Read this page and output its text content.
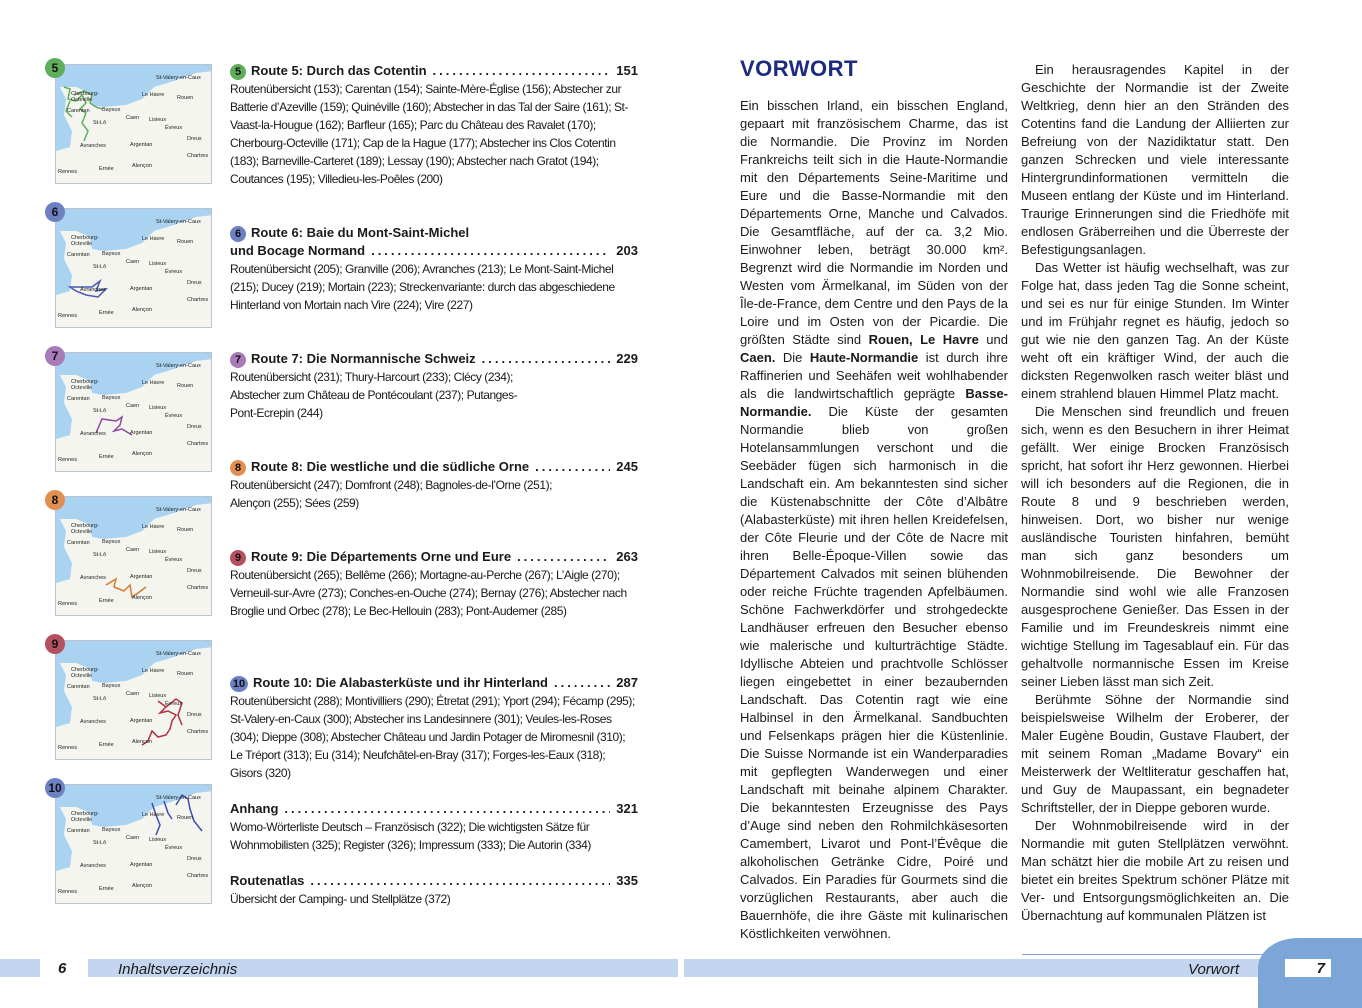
St-Valery-en-Caux
Cherbourg-
Octeville
Le Havre Rouen
Carentan Bayeux
St-Lô
Caen Lisieux
Évreux
Dreux
Avranches	Argentan
Chartres
Rennes	Ernée	Alençon
5
St-Valery-en-Caux
Cherbourg-
Octeville
Le Havre Rouen
Carentan Bayeux
St-Lô
Caen Lisieux
Évreux
Dreux
Avranches	Argentan
Chartres
Rennes	Ernée	Alençon
6
St-Valery-en-Caux
Cherbourg-
Octeville
Le Havre Rouen
Carentan Bayeux
St-Lô
Caen Lisieux
Évreux
Dreux
Avranches	Argentan
Chartres
Rennes	Ernée	Alençon
7
St-Valery-en-Caux
Cherbourg-
Octeville
Le Havre Rouen
Carentan Bayeux
St-Lô
Caen Lisieux
Évreux
Dreux
Avranches	Argentan
Chartres
Rennes	Ernée	Alençon
8
St-Valery-en-Caux
Cherbourg-
Octeville
Le Havre Rouen
Carentan Bayeux
St-Lô
Caen Lisieux
Évreux
Dreux
Avranches	Argentan
Chartres
Rennes	Ernée	Alençon
9
St-Valery-en-Caux
Cherbourg-
Octeville
Le Havre Rouen
Carentan Bayeux
St-Lô
Caen Lisieux
Évreux
Dreux
Avranches	Argentan
Chartres
Rennes	Ernée	Alençon
10
5 Route 5: Durch das Cotentin .....	151
Routenübersicht (153); Carentan (154); Sainte-Mère-Église (156); Abstecher zur Batterie d’Azeville (159); Quinéville (160); Abstecher in das Tal der Saire (161); St-Vaast-la-Hougue (162); Barfleur (165); Parc du Château des Ravalet (170); Cherbourg-Octeville (171); Cap de la Hague (177); Abstecher ins Clos Cotentin (183); Barneville-Carteret (189); Lessay (190); Abstecher nach Gratot (194); Coutances (195); Villedieu-les-Poêles (200)
6 Route 6: Baie du Mont-Saint-Michel
und Bocage Normand .....	203
Routenübersicht (205); Granville (206); Avranches (213); Le Mont-Saint-Michel (215); Ducey (219); Mortain (223); Streckenvariante: durch das abgeschiedene Hinterland von Mortain nach Vire (224); Vire (227)
7 Route 7: Die Normannische Schweiz .....	229
Routenübersicht (231); Thury-Harcourt (233); Clécy (234); Abstecher zum Château de Pontécoulant (237); Putanges-Pont-Ecrepin (244)
8 Route 8: Die westliche und die südliche Orne .....	245
Routenübersicht (247); Domfront (248); Bagnoles-de-l’Orne (251); Alençon (255); Sées (259)
9 Route 9: Die Départements Orne und Eure .....	263
Routenübersicht (265); Bellême (266); Mortagne-au-Perche (267); L’Aigle (270); Verneuil-sur-Avre (273); Conches-en-Ouche (274); Bernay (276); Abstecher nach Broglie und Orbec (278); Le Bec-Hellouin (283); Pont-Audemer (285)
10 Route 10: Die Alabasterküste und ihr Hinterland .....	287
Routenübersicht (288); Montivilliers (290); Étretat (291); Yport (294); Fécamp (295); St-Valery-en-Caux (300); Abstecher ins Landesinnere (301); Veules-les-Roses (304); Dieppe (308); Abstecher Château und Jardin Potager de Miromesnil (310); Le Tréport (313); Eu (314); Neufchâtel-en-Bray (317); Forges-les-Eaux (318); Gisors (320)
Anhang .....	321
Womo-Wörterliste Deutsch – Französisch (322); Die wichtigsten Sätze für Wohnmobilisten (325); Register (326); Impressum (333); Die Autorin (334)
Routenatlas .....	335
Übersicht der Camping- und Stellplätze (372)
VORWORT

Ein bisschen Irland, ein bisschen England, gepaart mit französischem Charme, das ist die Normandie. Die Provinz im Norden Frankreichs teilt sich in die Haute-Normandie mit den Départements Seine-Maritime und Eure und die Basse-Normandie mit den Départements Orne, Manche und Calvados. Die Gesamtfläche, auf der ca. 3,2 Mio. Einwohner leben, beträgt 30.000 km². Begrenzt wird die Normandie im Norden und Westen vom Ärmelkanal, im Süden von der Île-de-France, dem Centre und den Pays de la Loire und im Osten von der Picardie. Die größten Städte sind Rouen, Le Havre und Caen. Die Haute-Normandie ist durch ihre Raffinerien und Seehäfen weit wohlhabender als die landwirtschaftlich geprägte Basse-Normandie. Die Küste der gesamten Normandie blieb von großen Hotelansammlungen verschont und die Seebäder fügen sich harmonisch in die Landschaft ein. Am bekanntesten sind sicher die Küstenabschnitte der Côte d’Albâtre (Alabasterküste) mit ihren hellen Kreidefelsen, der Côte Fleurie und der Côte de Nacre mit ihren Belle-Époque-Villen sowie das Département Calvados mit seinen blühenden oder reiche Früchte tragenden Apfelbäumen. Schöne Fachwerkdörfer und strohgedeckte Landhäuser erfreuen den Besucher ebenso wie malerische und kulturträchtige Städte. Idyllische Abteien und prachtvolle Schlösser liegen eingebettet in einer bezaubernden Landschaft. Das Cotentin ragt wie eine Halbinsel in den Ärmelkanal. Sandbuchten und Felsenkaps prägen hier die Küstenlinie. Die Suisse Normande ist ein Wanderparadies mit gepflegten Wanderwegen und einer Landschaft mit beinahe alpinem Charakter. Die bekanntesten Erzeugnisse des Pays d’Auge sind neben den Rohmilchkäsesorten Camembert, Livarot und Pont-l’Évêque die alkoholischen Getränke Cidre, Poiré und Calvados. Ein Paradies für Gourmets sind die vorzüglichen Restaurants, aber auch die Bauernhöfe, die ihre Gäste mit kulinarischen Köstlichkeiten verwöhnen.

Ein herausragendes Kapitel in der Geschichte der Normandie ist der Zweite Weltkrieg, denn hier an den Stränden des Cotentins fand die Landung der Alliierten zur Befreiung von der Nazidiktatur statt. Den ganzen Schrecken und viele interessante Hintergrundinformationen vermitteln die Museen entlang der Küste und im Hinterland. Traurige Erinnerungen sind die Friedhöfe mit endlosen Gräberreihen und die Überreste der Befestigungsanlagen.

Das Wetter ist häufig wechselhaft, was zur Folge hat, dass jeden Tag die Sonne scheint, und sei es nur für einige Stunden. Im Winter und im Frühjahr regnet es häufig, jedoch so gut wie nie den ganzen Tag. An der Küste weht oft ein kräftiger Wind, der auch die dicksten Regenwolken rasch weiter bläst und einem strahlend blauen Himmel Platz macht.

Die Menschen sind freundlich und freuen sich, wenn es den Besuchern in ihrer Heimat gefällt. Wer einige Brocken Französisch spricht, hat sofort ihr Herz gewonnen. Hierbei will ich besonders auf die Regionen, die in Route 8 und 9 beschrieben werden, hinweisen. Dort, wo bisher nur wenige ausländische Touristen hinfahren, bemüht man sich ganz besonders um Wohnmobilreisende. Die Bewohner der Normandie sind wohl wie alle Franzosen ausgesprochene Genießer. Das Essen in der Familie und im Freundeskreis nimmt eine wichtige Stellung im Tagesablauf ein. Für das gehaltvolle normannische Essen im Kreise seiner Lieben lässt man sich Zeit.

Berühmte Söhne der Normandie sind beispielsweise Wilhelm der Eroberer, der Maler Eugène Boudin, Gustave Flaubert, der mit seinem Roman „Madame Bovary“ ein Meisterwerk der Weltliteratur geschaffen hat, und Guy de Maupassant, ein begnadeter Schriftsteller, der in Dieppe geboren wurde.

Der Wohnmobilreisende wird in der Normandie mit guten Stellplätzen verwöhnt. Man schätzt hier die mobile Art zu reisen und bietet ein breites Spektrum schöner Plätze mit Ver- und Entsorgungsmöglichkeiten an. Die Übernachtung auf kommunalen Plätzen ist

6	Inhaltsverzeichnis	Vorwort	7
